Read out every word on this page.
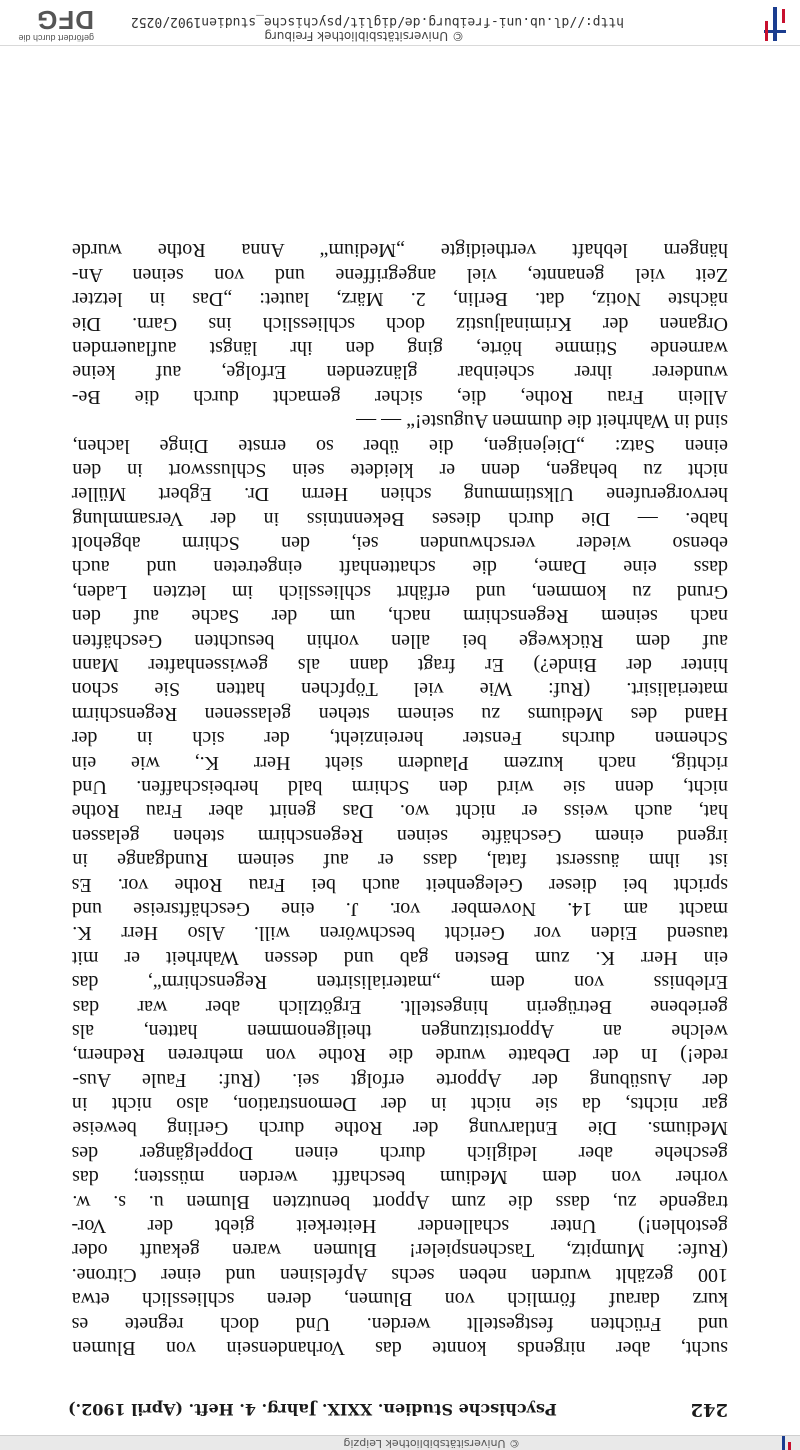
© Universitätsbibliothek Leipzig
242
Psychische Studien. XXIX. Jahrg. 4. Heft. (April 1902.)
sucht, aber nirgends konnte das Vorhandensein von Blumen
und Früchten festgestellt werden. Und doch regnete es
kurz darauf förmlich von Blumen, deren schliesslich etwa
100 gezählt wurden neben sechs Apfelsinen und einer Citrone.
(Rufe: Mumpitz, Taschenspieler! Blumen waren gekauft oder
gestohlen!) Unter schallender Heiterkeit giebt der Vor-
tragende zu, dass die zum Apport benutzten Blumen u. s. w.
vorher von dem Medium beschafft werden müssten; das
geschehe aber lediglich durch einen Doppelgänger des
Mediums. Die Entlarvung der Rothe durch Gerling beweise
gar nichts, da sie nicht in der Demonstration, also nicht in
der Ausübung der Apporte erfolgt sei. (Ruf: Faule Aus-
rede!) In der Debatte wurde die Rothe von mehreren Rednern,
welche an Apportsitzungen theilgenommen hatten, als
geriebene Betrügerin hingestellt. Ergötzlich aber war das
Erlebniss von dem „materialisirten Regenschirm“, das
ein Herr K. zum Besten gab und dessen Wahrheit er mit
tausend Eiden vor Gericht beschwören will. Also Herr K.
macht am 14. November vor. J. eine Geschäftsreise und
spricht bei dieser Gelegenheit auch bei Frau Rothe vor. Es
ist ihm äusserst fatal, dass er auf seinem Rundgange in
irgend einem Geschäfte seinen Regenschirm stehen gelassen
hat, auch weiss er nicht wo. Das genirt aber Frau Rothe
nicht, denn sie wird den Schirm bald herbeischaffen. Und
richtig, nach kurzem Plaudern sieht Herr K., wie ein
Schemen durchs Fenster hereinzieht, der sich in der
Hand des Mediums zu seinem stehen gelassenen Regenschirm
materialisirt. (Ruf: Wie viel Töpfchen hatten Sie schon
hinter der Binde?) Er fragt dann als gewissenhafter Mann
auf dem Rückwege bei allen vorhin besuchten Geschäften
nach seinem Regenschirm nach, um der Sache auf den
Grund zu kommen, und erfährt schliesslich im letzten Laden,
dass eine Dame, die schattenhaft eingetreten und auch
ebenso wieder verschwunden sei, den Schirm abgeholt
habe. — Die durch dieses Bekenntniss in der Versammlung
hervorgerufene Ulkstimmung schien Herrn Dr. Egbert Müller
nicht zu behagen, denn er kleidete sein Schlusswort in den
einen Satz: „Diejenigen, die über so ernste Dinge lachen,
sind in Wahrheit die dummen Auguste!“ — —
Allein Frau Rothe, die, sicher gemacht durch die Be-
wunderer ihrer scheinbar glänzenden Erfolge, auf keine
warnende Stimme hörte, ging den ihr längst auflauernden
Organen der Kriminaljustiz doch schliesslich ins Garn. Die
nächste Notiz, dat. Berlin, 2. März, lautet: „Das in letzter
Zeit viel genannte, viel angegriffene und von seinen An-
hängern lebhaft vertheidigte „Medium“ Anna Rothe wurde
© Universitätsbibliothek Freiburg
http://dl.ub.uni-freiburg.de/diglit/psychische_studien1902/0252
gefördert durch die
DFG
